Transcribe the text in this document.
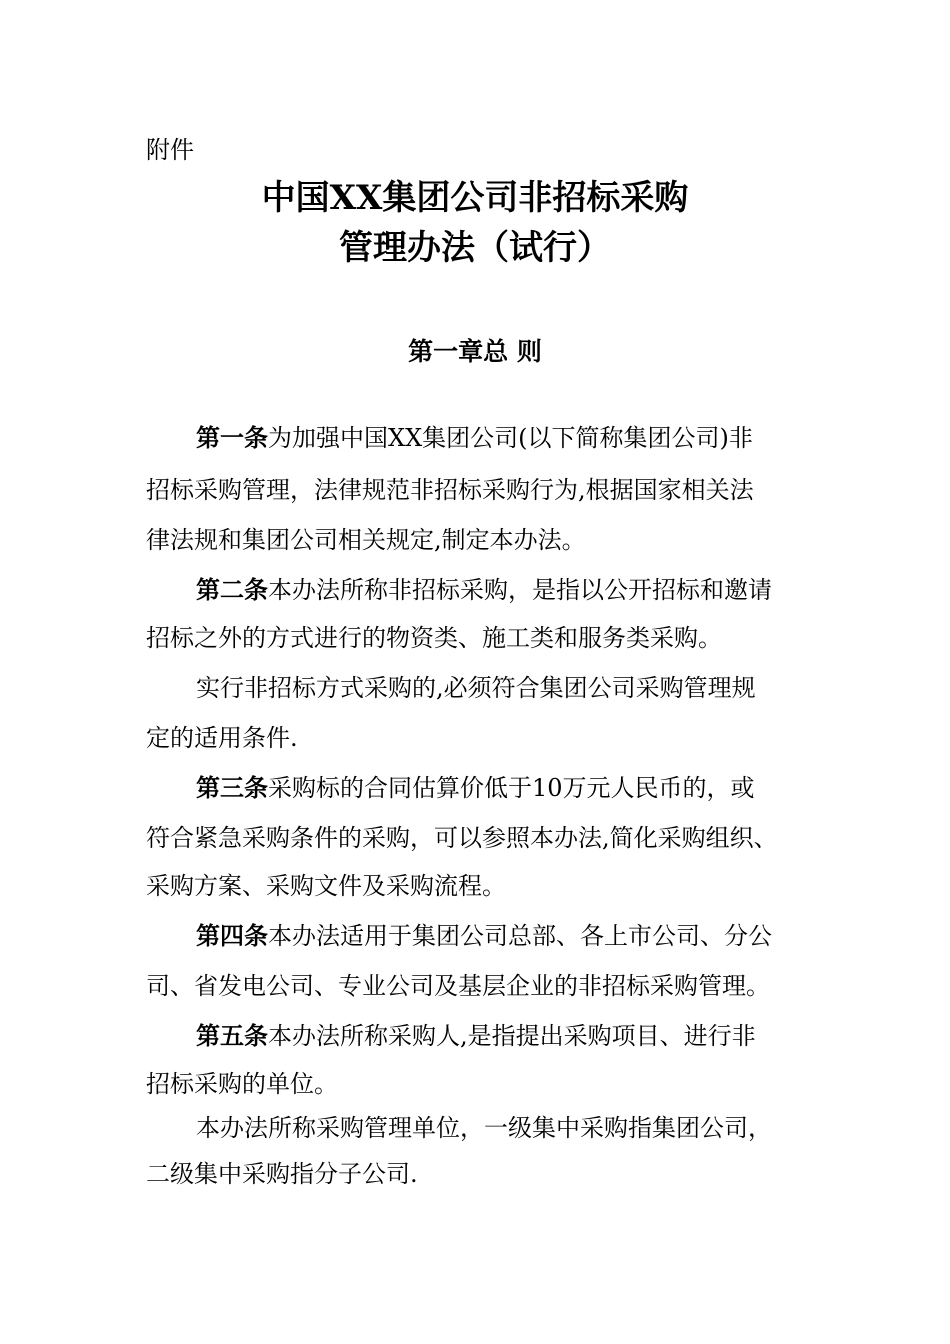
附件
中国XX集团公司非招标采购
管理办法（试行）
第一章总 则
第一条为加强中国XX集团公司(以下简称集团公司)非
招标采购管理，法律规范非招标采购行为,根据国家相关法
律法规和集团公司相关规定,制定本办法。
第二条本办法所称非招标采购，是指以公开招标和邀请
招标之外的方式进行的物资类、施工类和服务类采购。
实行非招标方式采购的,必须符合集团公司采购管理规
定的适用条件.
第三条采购标的合同估算价低于10万元人民币的，或
符合紧急采购条件的采购，可以参照本办法,简化采购组织、
采购方案、采购文件及采购流程。
第四条本办法适用于集团公司总部、各上市公司、分公
司、省发电公司、专业公司及基层企业的非招标采购管理。
第五条本办法所称采购人,是指提出采购项目、进行非
招标采购的单位。
本办法所称采购管理单位，一级集中采购指集团公司，
二级集中采购指分子公司.
